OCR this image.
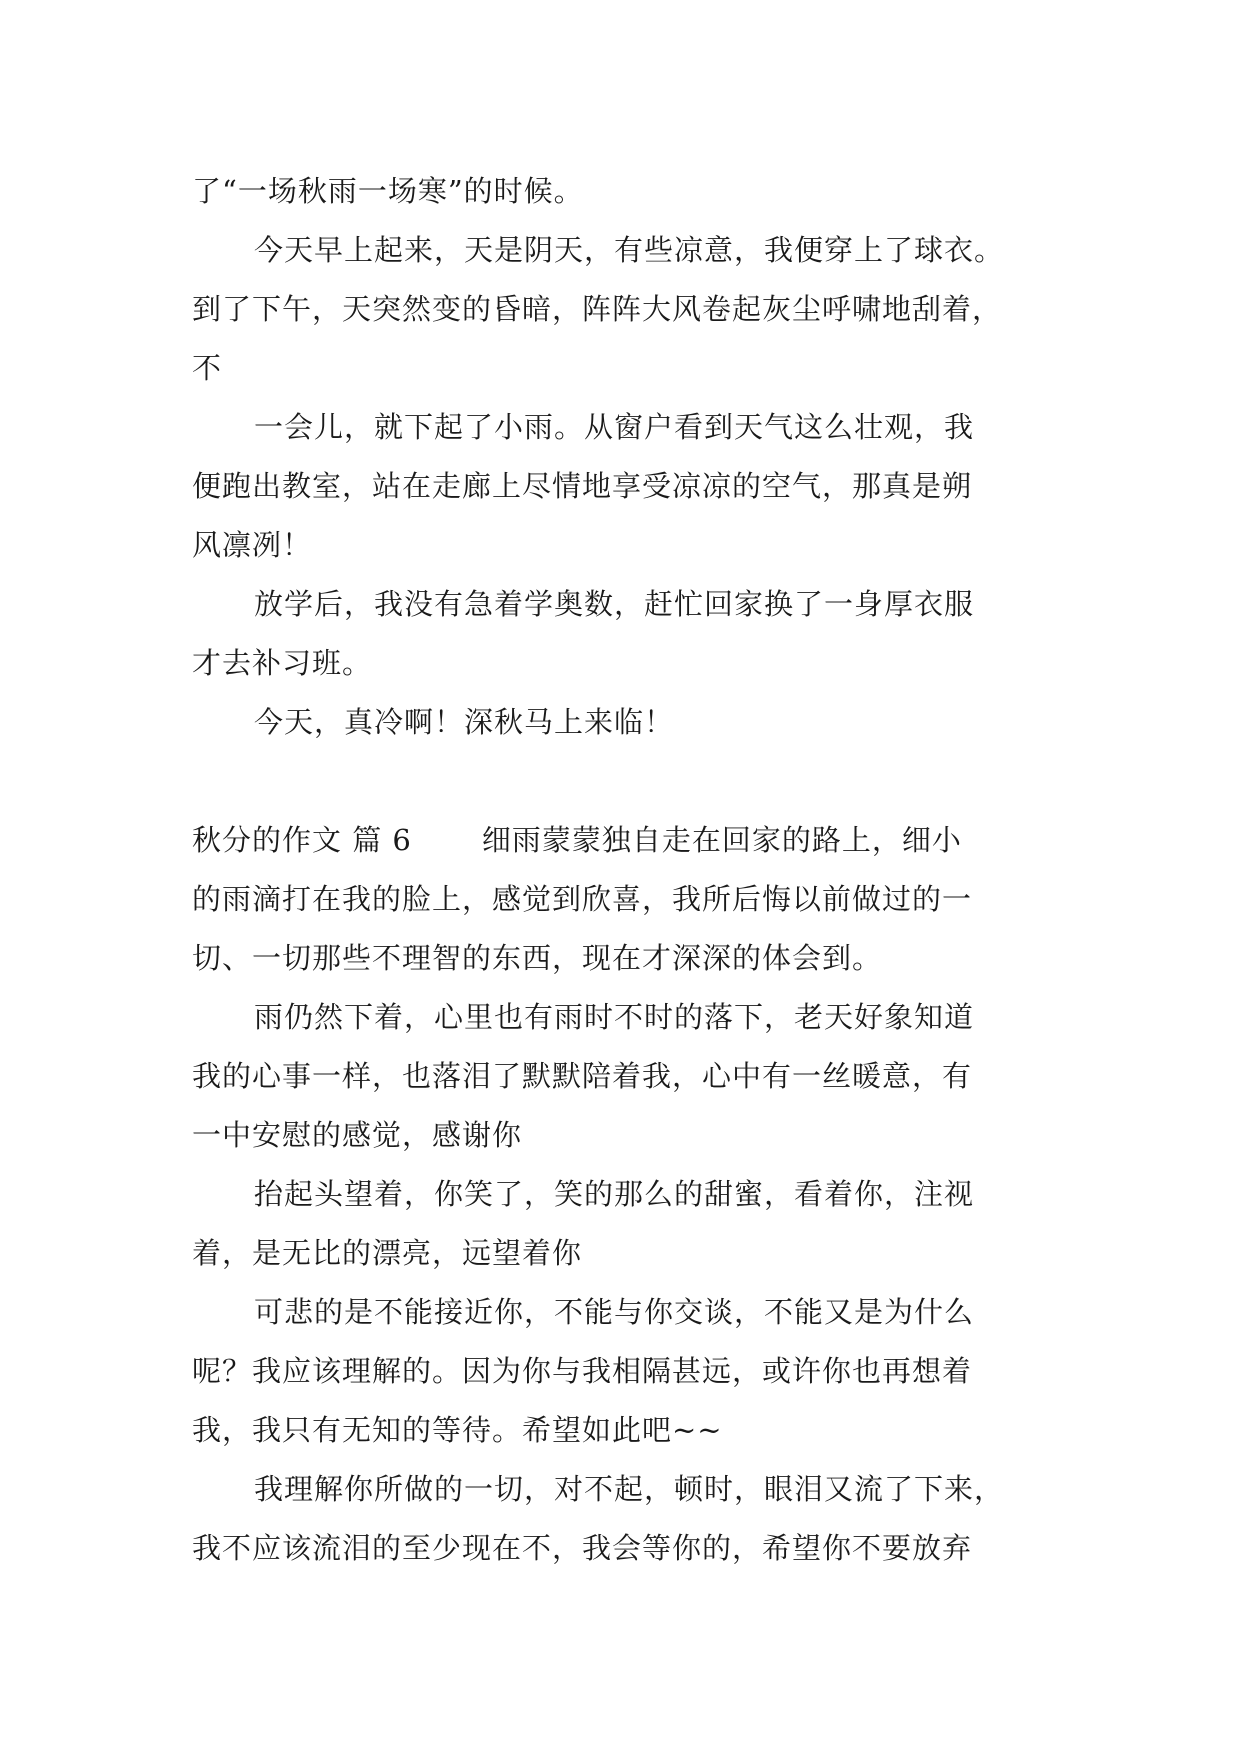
了“一场秋雨一场寒”的时候。

今天早上起来，天是阴天，有些凉意，我便穿上了球衣。

到了下午，天突然变的昏暗，阵阵大风卷起灰尘呼啸地刮着，

不

一会儿，就下起了小雨。从窗户看到天气这么壮观，我

便跑出教室，站在走廊上尽情地享受凉凉的空气，那真是朔

风凛冽！

放学后，我没有急着学奥数，赶忙回家换了一身厚衣服

才去补习班。

今天，真冷啊！深秋马上来临！

秋分的作文 篇 6 细雨蒙蒙独自走在回家的路上，细小

的雨滴打在我的脸上，感觉到欣喜，我所后悔以前做过的一

切、一切那些不理智的东西，现在才深深的体会到。

雨仍然下着，心里也有雨时不时的落下，老天好象知道

我的心事一样，也落泪了默默陪着我，心中有一丝暖意，有

一中安慰的感觉，感谢你

抬起头望着，你笑了，笑的那么的甜蜜，看着你，注视

着，是无比的漂亮，远望着你

可悲的是不能接近你，不能与你交谈，不能又是为什么

呢？我应该理解的。因为你与我相隔甚远，或许你也再想着

我，我只有无知的等待。希望如此吧~~

我理解你所做的一切，对不起，顿时，眼泪又流了下来，

我不应该流泪的至少现在不，我会等你的，希望你不要放弃
